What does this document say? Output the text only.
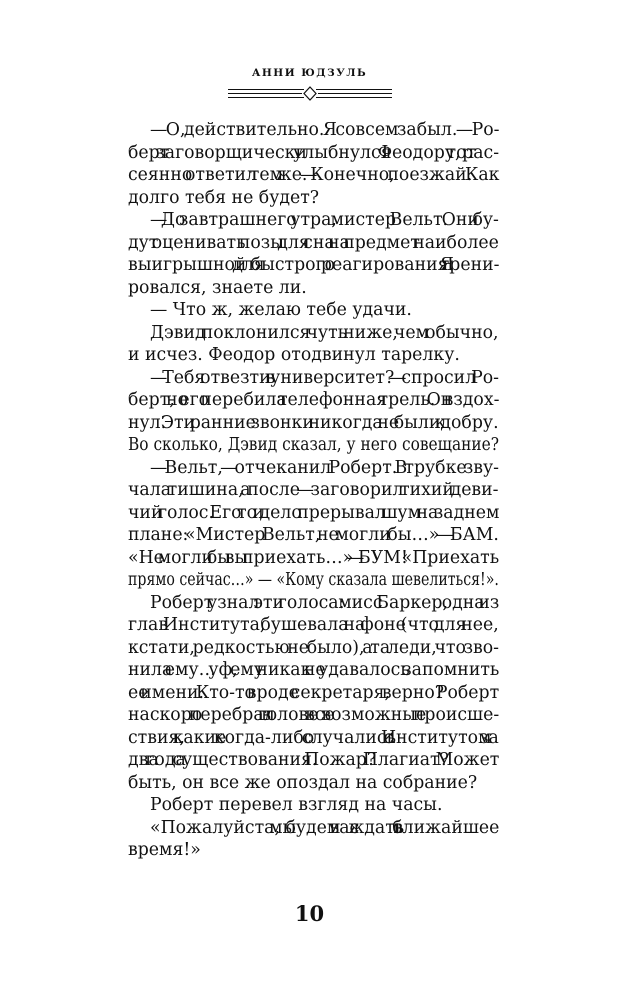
АННИ ЮДЗУЛЬ
— О, действительно. Я совсем забыл. — Ро-
берт заговорщически улыбнулся Феодору, тот рас-
сеянно ответил тем же. — Конечно, поезжай. Как
долго тебя не будет?
— До завтрашнего утра, мистер Вельт. Они бу-
дут оценивать позы для сна на предмет наиболее
выигрышной для быстрого реагирования. Я трени-
ровался, знаете ли.
— Что ж, желаю тебе удачи.
Дэвид поклонился чуть ниже, чем обычно,
и исчез. Феодор отодвинул тарелку.
— Тебя отвезти в университет? — спросил Ро-
берт, но его перебила телефонная трель. Он вздох-
нул. Эти ранние звонки никогда не были к добру.
Во сколько, Дэвид сказал, у него совещание?
— Вельт, — отчеканил Роберт. В трубке зву-
чала тишина, а после — заговорил тихий деви-
чий голос. Его то и дело прерывал шум на заднем
плане: «Мистер Вельт, не могли бы…» — БАМ.
«Не могли бы вы приехать…» — БУМ! «Приехать
прямо сейчас…» — «Кому сказала шевелиться!».
Роберт узнал эти голоса: мисс Баркер, одна из
глав Института, бушевала на фоне (что для нее,
кстати, редкостью не было), а та леди, что зво-
нила ему… уф, ему никак не удавалось запомнить
ее имени. Кто-то вроде секретаря, верно? Роберт
наскоро перебрал в голове все возможные происше-
ствия, какие когда-либо случались с Институтом за
два года существования. Пожар? Плагиат? Может
быть, он все же опоздал на собрание?
Роберт перевел взгляд на часы.
«Пожалуйста, мы будем вас ждать в ближайшее
время!»
10
